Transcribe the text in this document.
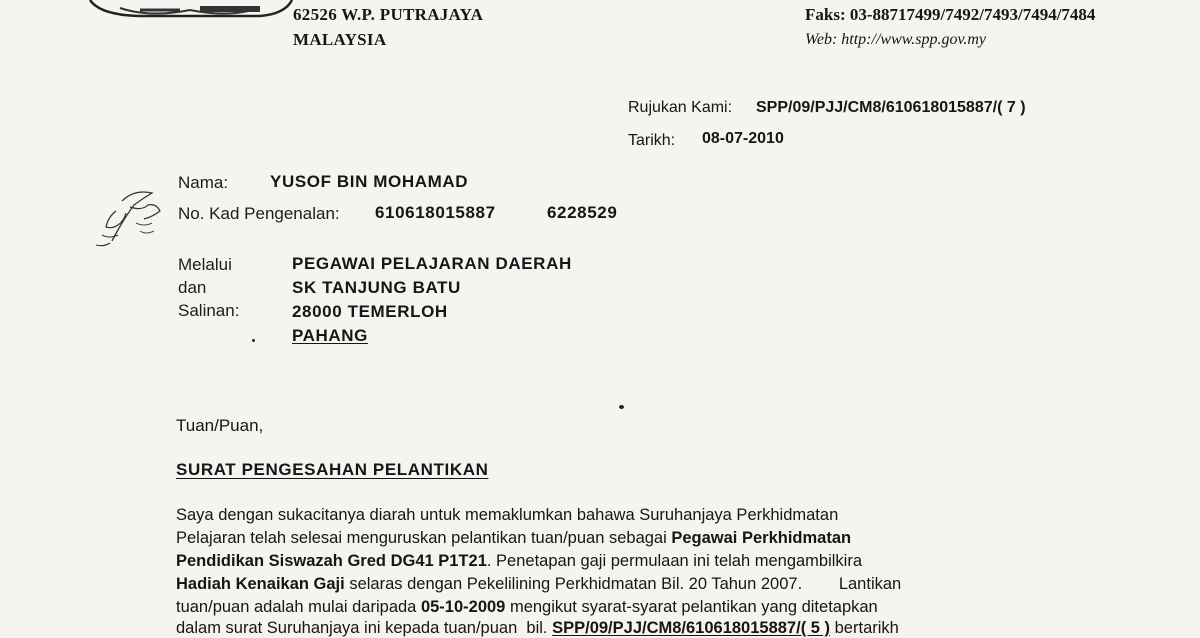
62526 W.P. PUTRAJAYA
MALAYSIA
Faks: 03-88717499/7492/7493/7494/7484
Web: http://www.spp.gov.my
Rujukan Kami: SPP/09/PJJ/CM8/610618015887/( 7 )
Tarikh: 08-07-2010
Nama: YUSOF BIN MOHAMAD
No. Kad Pengenalan: 610618015887	6228529
Melalui
dan
Salinan:
PEGAWAI PELAJARAN DAERAH
SK TANJUNG BATU
28000 TEMERLOH
PAHANG
Tuan/Puan,
SURAT PENGESAHAN PELANTIKAN
Saya dengan sukacitanya diarah untuk memaklumkan bahawa Suruhanjaya Perkhidmatan
Pelajaran telah selesai menguruskan pelantikan tuan/puan sebagai Pegawai Perkhidmatan
Pendidikan Siswazah Gred DG41 P1T21. Penetapan gaji permulaan ini telah mengambilkira
Hadiah Kenaikan Gaji selaras dengan Pekelilining Perkhidmatan Bil. 20 Tahun 2007.        Lantikan
tuan/puan adalah mulai daripada 05-10-2009 mengikut syarat-syarat pelantikan yang ditetapkan
dalam surat Suruhanjaya ini kepada tuan/puan  bil. SPP/09/PJJ/CM8/610618015887/( 5 ) bertarikh
